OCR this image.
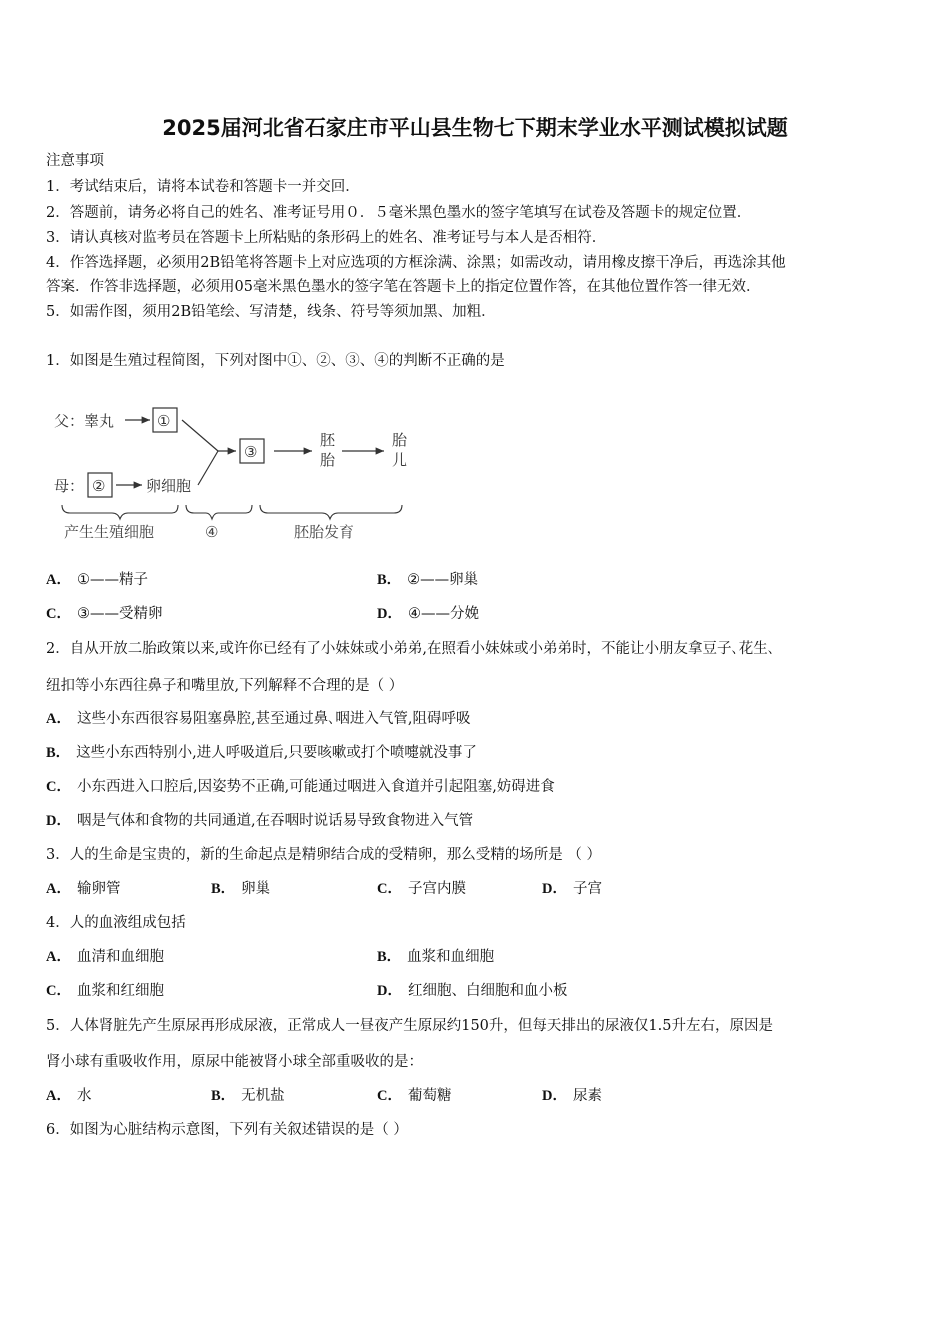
2025届河北省石家庄市平山县生物七下期末学业水平测试模拟试题
注意事项
1．考试结束后，请将本试卷和答题卡一并交回．
2．答题前，请务必将自己的姓名、准考证号用０．５毫米黑色墨水的签字笔填写在试卷及答题卡的规定位置．
3．请认真核对监考员在答题卡上所粘贴的条形码上的姓名、准考证号与本人是否相符．
4．作答选择题，必须用2B铅笔将答题卡上对应选项的方框涂满、涂黑；如需改动，请用橡皮擦干净后，再选涂其他
答案．作答非选择题，必须用05毫米黑色墨水的签字笔在答题卡上的指定位置作答，在其他位置作答一律无效．
5．如需作图，须用2B铅笔绘、写清楚，线条、符号等须加黑、加粗．
1．如图是生殖过程简图，下列对图中①、②、③、④的判断不正确的是
父：睾丸	①
母： ②	卵细胞
③
胚
胎
胎
儿
产生生殖细胞	④	胚胎发育
A． ①——精子	B． ②——卵巢
C． ③——受精卵	D． ④——分娩
2．自从开放二胎政策以来,或许你已经有了小妹妹或小弟弟,在照看小妹妹或小弟弟时，不能让小朋友拿豆子､花生､
纽扣等小东西往鼻子和嘴里放,下列解释不合理的是（ ）
A． 这些小东西很容易阻塞鼻腔,甚至通过鼻､咽进入气管,阻碍呼吸
B． 这些小东西特别小,进人呼吸道后,只要咳嗽或打个喷嚏就没事了
C． 小东西进入口腔后,因姿势不正确,可能通过咽进入食道并引起阻塞,妨碍进食
D． 咽是气体和食物的共同通道,在吞咽时说话易导致食物进入气管
3．人的生命是宝贵的，新的生命起点是精卵结合成的受精卵，那么受精的场所是 （ ）
A． 输卵管	B． 卵巢	C． 子宫内膜	D． 子宫
4．人的血液组成包括
A． 血清和血细胞	B． 血浆和血细胞
C． 血浆和红细胞	D． 红细胞、白细胞和血小板
5．人体肾脏先产生原尿再形成尿液，正常成人一昼夜产生原尿约150升，但每天排出的尿液仅1.5升左右，原因是
肾小球有重吸收作用，原尿中能被肾小球全部重吸收的是：
A． 水	B． 无机盐	C． 葡萄糖	D． 尿素
6．如图为心脏结构示意图，下列有关叙述错误的是（ ）
